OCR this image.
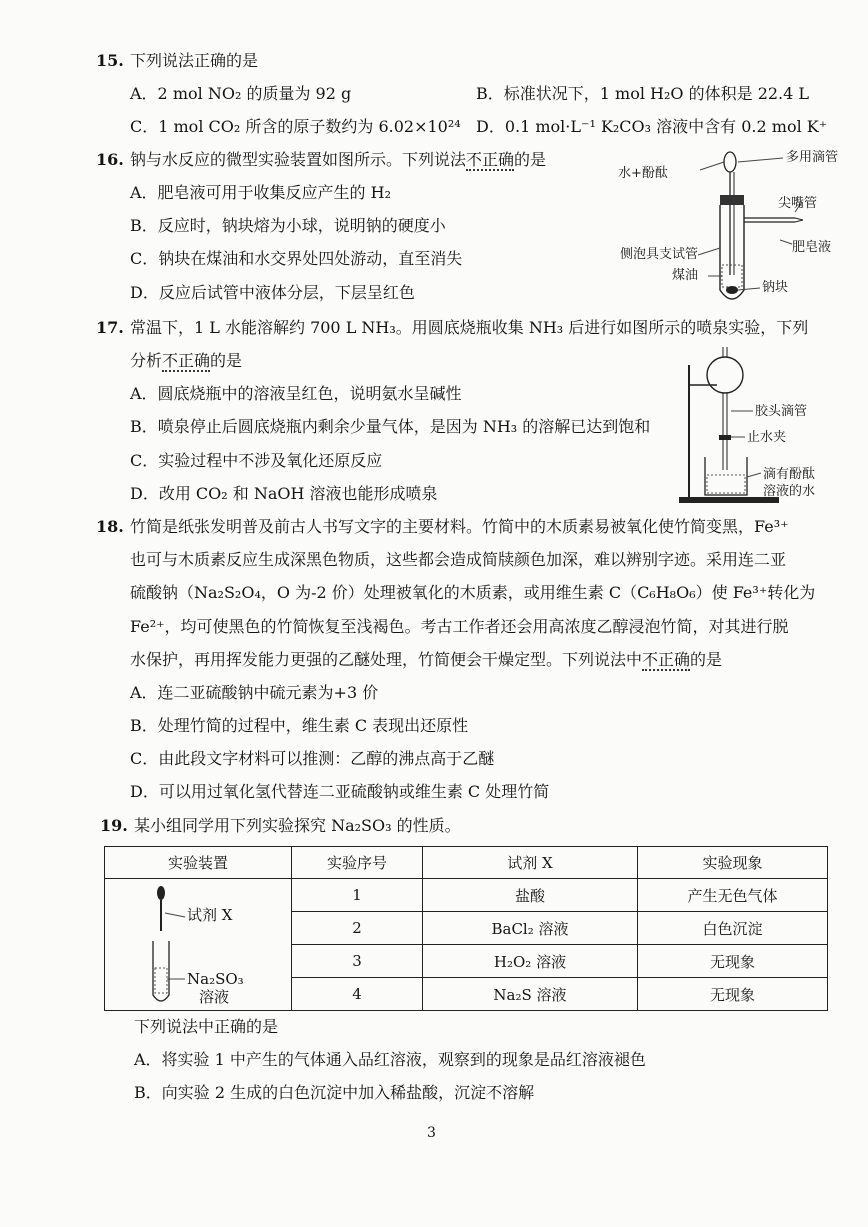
15. 下列说法正确的是
A．2 mol NO₂ 的质量为 92 g	B．标准状况下，1 mol H₂O 的体积是 22.4 L
C．1 mol CO₂ 所含的原子数约为 6.02×10²⁴ D．0.1 mol·L⁻¹ K₂CO₃ 溶液中含有 0.2 mol K⁺
16. 钠与水反应的微型实验装置如图所示。下列说法不正确的是
A．肥皂液可用于收集反应产生的 H₂
B．反应时，钠块熔为小球，说明钠的硬度小
C．钠块在煤油和水交界处四处游动，直至消失
D．反应后试管中液体分层，下层呈红色
水+酚酞
多用滴管
尖嘴管
肥皂液
侧泡具支试管
煤油
钠块
17. 常温下，1 L 水能溶解约 700 L NH₃。用圆底烧瓶收集 NH₃ 后进行如图所示的喷泉实验，下列
分析不正确的是
A．圆底烧瓶中的溶液呈红色，说明氨水呈碱性
B．喷泉停止后圆底烧瓶内剩余少量气体，是因为 NH₃ 的溶解已达到饱和
C．实验过程中不涉及氧化还原反应
D．改用 CO₂ 和 NaOH 溶液也能形成喷泉
胶头滴管
止水夹
滴有酚酞
溶液的水
18. 竹简是纸张发明普及前古人书写文字的主要材料。竹简中的木质素易被氧化使竹简变黑，Fe³⁺
也可与木质素反应生成深黑色物质，这些都会造成简牍颜色加深，难以辨别字迹。采用连二亚
硫酸钠（Na₂S₂O₄，O 为-2 价）处理被氧化的木质素，或用维生素 C（C₆H₈O₆）使 Fe³⁺转化为
Fe²⁺，均可使黑色的竹简恢复至浅褐色。考古工作者还会用高浓度乙醇浸泡竹简，对其进行脱
水保护，再用挥发能力更强的乙醚处理，竹简便会干燥定型。下列说法中不正确的是
A．连二亚硫酸钠中硫元素为+3 价
B．处理竹简的过程中，维生素 C 表现出还原性
C．由此段文字材料可以推测：乙醇的沸点高于乙醚
D．可以用过氧化氢代替连二亚硫酸钠或维生素 C 处理竹简
19. 某小组同学用下列实验探究 Na₂SO₃ 的性质。
实验装置	实验序号	试剂 X	实验现象

试剂 X
Na₂SO₃
溶液	1	盐酸	产生无色气体
	2	BaCl₂ 溶液	白色沉淀
	3	H₂O₂ 溶液	无现象
	4	Na₂S 溶液	无现象
下列说法中正确的是
A．将实验 1 中产生的气体通入品红溶液，观察到的现象是品红溶液褪色
B．向实验 2 生成的白色沉淀中加入稀盐酸，沉淀不溶解
3
